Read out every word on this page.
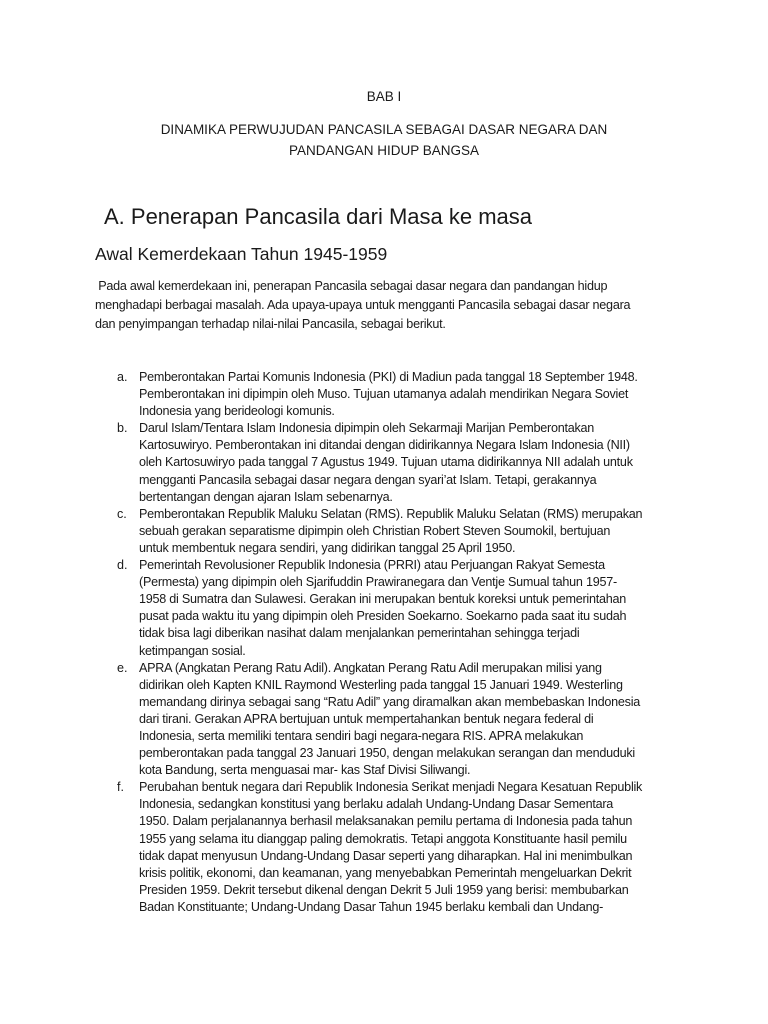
BAB I
DINAMIKA PERWUJUDAN PANCASILA SEBAGAI DASAR NEGARA DAN
PANDANGAN HIDUP BANGSA
A. Penerapan Pancasila dari Masa ke masa
Awal Kemerdekaan Tahun 1945-1959
Pada awal kemerdekaan ini, penerapan Pancasila sebagai dasar negara dan pandangan hidup
menghadapi berbagai masalah. Ada upaya-upaya untuk mengganti Pancasila sebagai dasar negara
dan penyimpangan terhadap nilai-nilai Pancasila, sebagai berikut.
a. Pemberontakan Partai Komunis Indonesia (PKI) di Madiun pada tanggal 18 September 1948.
Pemberontakan ini dipimpin oleh Muso. Tujuan utamanya adalah mendirikan Negara Soviet
Indonesia yang berideologi komunis.
b. Darul Islam/Tentara Islam Indonesia dipimpin oleh Sekarmaji Marijan Pemberontakan
Kartosuwiryo. Pemberontakan ini ditandai dengan didirikannya Negara Islam Indonesia (NII)
oleh Kartosuwiryo pada tanggal 7 Agustus 1949. Tujuan utama didirikannya NII adalah untuk
mengganti Pancasila sebagai dasar negara dengan syari’at Islam. Tetapi, gerakannya
bertentangan dengan ajaran Islam sebenarnya.
c. Pemberontakan Republik Maluku Selatan (RMS). Republik Maluku Selatan (RMS) merupakan
sebuah gerakan separatisme dipimpin oleh Christian Robert Steven Soumokil, bertujuan
untuk membentuk negara sendiri, yang didirikan tanggal 25 April 1950.
d. Pemerintah Revolusioner Republik Indonesia (PRRI) atau Perjuangan Rakyat Semesta
(Permesta) yang dipimpin oleh Sjarifuddin Prawiranegara dan Ventje Sumual tahun 1957-
1958 di Sumatra dan Sulawesi. Gerakan ini merupakan bentuk koreksi untuk pemerintahan
pusat pada waktu itu yang dipimpin oleh Presiden Soekarno. Soekarno pada saat itu sudah
tidak bisa lagi diberikan nasihat dalam menjalankan pemerintahan sehingga terjadi
ketimpangan sosial.
e. APRA (Angkatan Perang Ratu Adil). Angkatan Perang Ratu Adil merupakan milisi yang
didirikan oleh Kapten KNIL Raymond Westerling pada tanggal 15 Januari 1949. Westerling
memandang dirinya sebagai sang “Ratu Adil” yang diramalkan akan membebaskan Indonesia
dari tirani. Gerakan APRA bertujuan untuk mempertahankan bentuk negara federal di
Indonesia, serta memiliki tentara sendiri bagi negara-negara RIS. APRA melakukan
pemberontakan pada tanggal 23 Januari 1950, dengan melakukan serangan dan menduduki
kota Bandung, serta menguasai mar- kas Staf Divisi Siliwangi.
f. Perubahan bentuk negara dari Republik Indonesia Serikat menjadi Negara Kesatuan Republik
Indonesia, sedangkan konstitusi yang berlaku adalah Undang-Undang Dasar Sementara
1950. Dalam perjalanannya berhasil melaksanakan pemilu pertama di Indonesia pada tahun
1955 yang selama itu dianggap paling demokratis. Tetapi anggota Konstituante hasil pemilu
tidak dapat menyusun Undang-Undang Dasar seperti yang diharapkan. Hal ini menimbulkan
krisis politik, ekonomi, dan keamanan, yang menyebabkan Pemerintah mengeluarkan Dekrit
Presiden 1959. Dekrit tersebut dikenal dengan Dekrit 5 Juli 1959 yang berisi: membubarkan
Badan Konstituante; Undang-Undang Dasar Tahun 1945 berlaku kembali dan Undang-
